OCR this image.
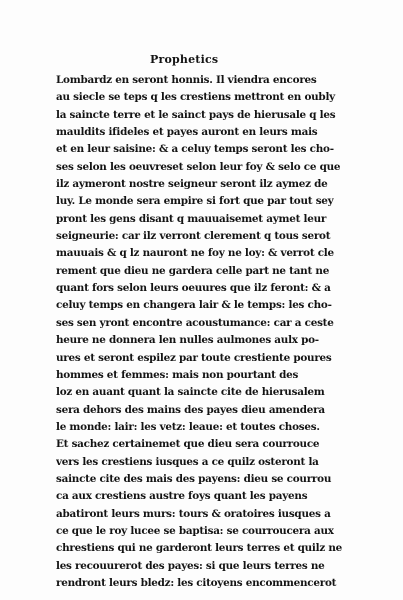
Prophetics
Lombardz en seront honnis. Il viendra encores
au siecle se teps q les crestiens mettront en oubly
la saincte terre et le sainct pays de hierusale q les
mauldits ifideles et payes auront en leurs mais
et en leur saisine: & a celuy temps seront les cho-
ses selon les oeuvreset selon leur foy & selo ce que
ilz aymeront nostre seigneur seront ilz aymez de
luy. Le monde sera empire si fort que par tout sey
pront les gens disant q mauuaisemet aymet leur
seigneurie: car ilz verront clerement q tous serot
mauuais & q lz nauront ne foy ne loy: & verrot cle
rement que dieu ne gardera celle part ne tant ne
quant fors selon leurs oeuures que ilz feront: & a
celuy temps en changera lair & le temps: les cho-
ses sen yront encontre acoustumance: car a ceste
heure ne donnera len nulles aulmones aulx po-
ures et seront espilez par toute crestiente poures
hommes et femmes: mais non pourtant des
loz en auant quant la saincte cite de hierusalem
sera dehors des mains des payes dieu amendera
le monde: lair: les vetz: leaue: et toutes choses.
Et sachez certainemet que dieu sera courrouce
vers les crestiens iusques a ce quilz osteront la
saincte cite des mais des payens: dieu se courrou
ca aux crestiens austre foys quant les payens
abatiront leurs murs: tours & oratoires iusques a
ce que le roy lucee se baptisa: se courroucera aux
chrestiens qui ne garderont leurs terres et quilz ne
les recouurerot des payes: si que leurs terres ne
rendront leurs bledz: les citoyens encommencerot
